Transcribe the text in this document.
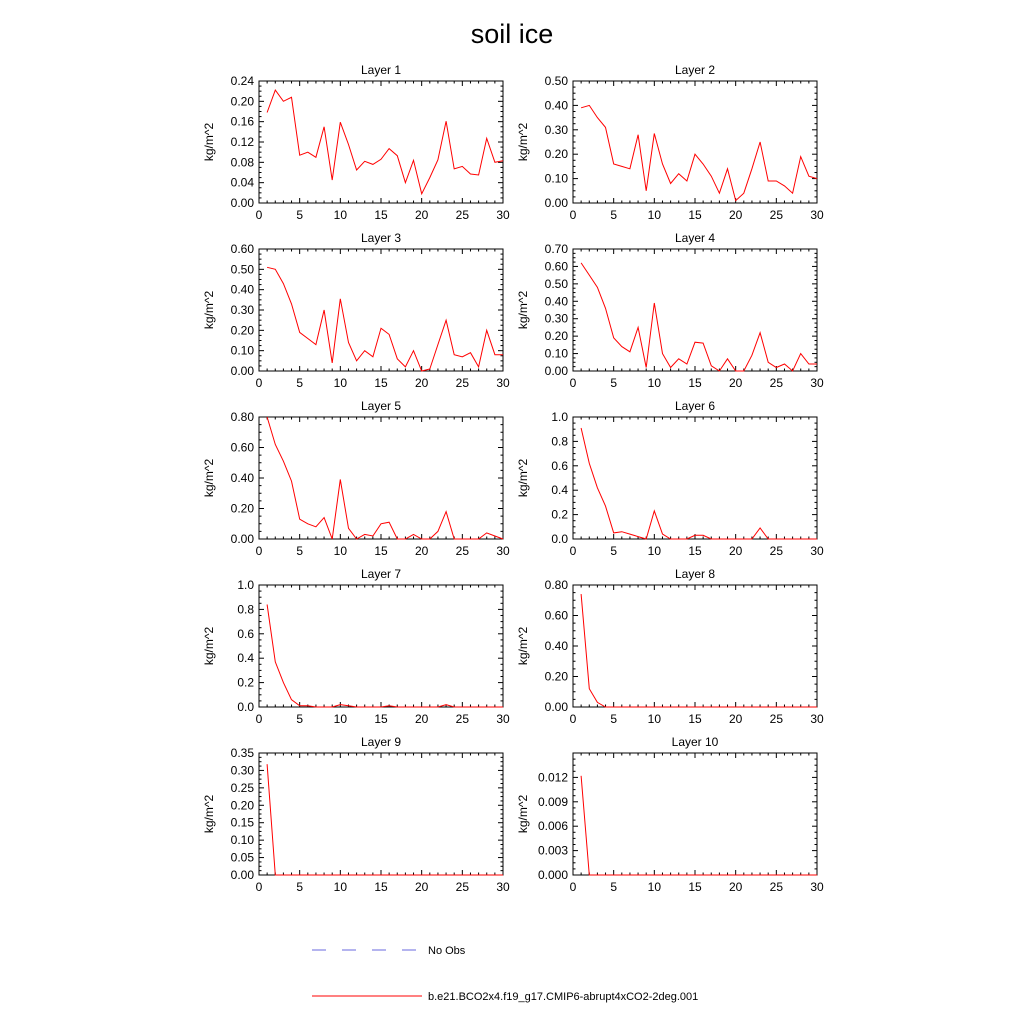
soil ice
Layer 1
kg/m^2
0	5	10 15 20 25 30
0.00
0.04
0.08
0.12
0.16
0.20
0.24
Layer 2
kg/m^2
0	5	10 15 20 25 30
0.00
0.10
0.20
0.30
0.40
0.50
Layer 3
kg/m^2
0	5	10 15 20 25 30
0.00
0.10
0.20
0.30
0.40
0.50
0.60
Layer 4
kg/m^2
0	5	10 15 20 25 30
0.00
0.10
0.20
0.30
0.40
0.50
0.60
0.70
Layer 5
kg/m^2
0	5	10 15 20 25 30
0.00
0.20
0.40
0.60
0.80
Layer 6
kg/m^2
0	5	10 15 20 25 30
0.0
0.2
0.4
0.6
0.8
1.0
Layer 7
kg/m^2
0	5	10 15 20 25 30
0.0
0.2
0.4
0.6
0.8
1.0
Layer 8
kg/m^2
0	5	10 15 20 25 30
0.00
0.20
0.40
0.60
0.80
Layer 9
kg/m^2
0	5	10 15 20 25 30
0.00
0.05
0.10
0.15
0.20
0.25
0.30
0.35
Layer 10
kg/m^2
0	5	10 15 20 25 30
0.000
0.003
0.006
0.009
0.012
No Obs
b.e21.BCO2x4.f19_g17.CMIP6-abrupt4xCO2-2deg.001
